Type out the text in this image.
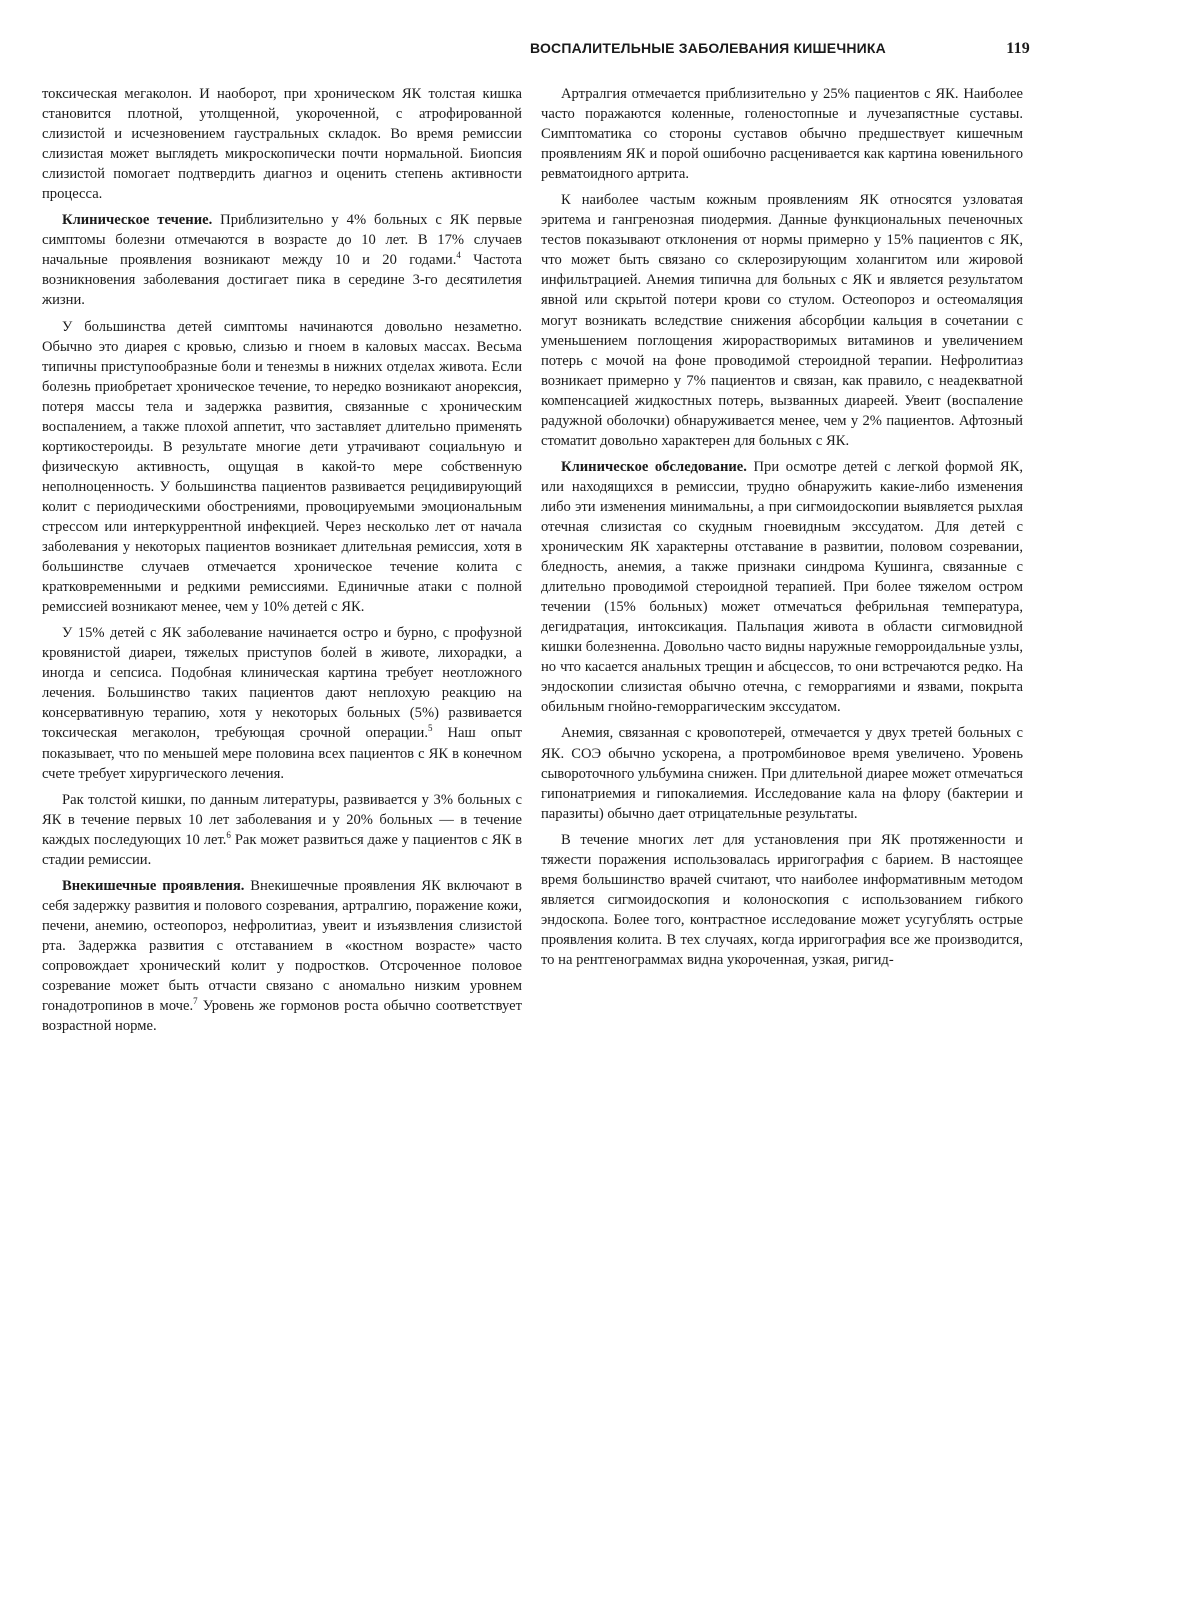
ВОСПАЛИТЕЛЬНЫЕ ЗАБОЛЕВАНИЯ КИШЕЧНИКА	119

токсическая мегаколон. И наоборот, при хроническом ЯК толстая кишка становится плотной, утолщенной, укороченной, с атрофированной слизистой и исчезновением гаустральных складок. Во время ремиссии слизистая может выглядеть микроскопически почти нормальной. Биопсия слизистой помогает подтвердить диагноз и оценить степень активности процесса.

Клиническое течение. Приблизительно у 4% больных с ЯК первые симптомы болезни отмечаются в возрасте до 10 лет. В 17% случаев начальные проявления возникают между 10 и 20 годами.$^4$ Частота возникновения заболевания достигает пика в середине 3-го десятилетия жизни.

У большинства детей симптомы начинаются довольно незаметно. Обычно это диарея с кровью, слизью и гноем в каловых массах. Весьма типичны приступообразные боли и тенезмы в нижних отделах живота. Если болезнь приобретает хроническое течение, то нередко возникают анорексия, потеря массы тела и задержка развития, связанные с хроническим воспалением, а также плохой аппетит, что заставляет длительно применять кортикостероиды. В результате многие дети утрачивают социальную и физическую активность, ощущая в какой-то мере собственную неполноценность. У большинства пациентов развивается рецидивирующий колит с периодическими обострениями, провоцируемыми эмоциональным стрессом или интеркуррентной инфекцией. Через несколько лет от начала заболевания у некоторых пациентов возникает длительная ремиссия, хотя в большинстве случаев отмечается хроническое течение колита с кратковременными и редкими ремиссиями. Единичные атаки с полной ремиссией возникают менее, чем у 10% детей с ЯК.

У 15% детей с ЯК заболевание начинается остро и бурно, с профузной кровянистой диареи, тяжелых приступов болей в животе, лихорадки, а иногда и сепсиса. Подобная клиническая картина требует неотложного лечения. Большинство таких пациентов дают неплохую реакцию на консервативную терапию, хотя у некоторых больных (5%) развивается токсическая мегаколон, требующая срочной операции.$^5$ Наш опыт показывает, что по меньшей мере половина всех пациентов с ЯК в конечном счете требует хирургического лечения.

Рак толстой кишки, по данным литературы, развивается у 3% больных с ЯК в течение первых 10 лет заболевания и у 20% больных — в течение каждых последующих 10 лет.$^6$ Рак может развиться даже у пациентов с ЯК в стадии ремиссии.

Внекишечные проявления. Внекишечные проявления ЯК включают в себя задержку развития и полового созревания, артралгию, поражение кожи, печени, анемию, остеопороз, нефролитиаз, увеит и изъязвления слизистой рта. Задержка развития с отставанием в «костном возрасте» часто сопровождает хронический колит у подростков. Отсроченное половое созревание может быть отчасти связано с аномально низким уровнем гонадотропинов в моче.$^7$ Уровень же гормонов роста обычно соответствует возрастной норме.

Артралгия отмечается приблизительно у 25% пациентов с ЯК. Наиболее часто поражаются коленные, голеностопные и лучезапястные суставы. Симптоматика со стороны суставов обычно предшествует кишечным проявлениям ЯК и порой ошибочно расценивается как картина ювенильного ревматоидного артрита.

К наиболее частым кожным проявлениям ЯК относятся узловатая эритема и гангренозная пиодермия. Данные функциональных печеночных тестов показывают отклонения от нормы примерно у 15% пациентов с ЯК, что может быть связано со склерозирующим холангитом или жировой инфильтрацией. Анемия типична для больных с ЯК и является результатом явной или скрытой потери крови со стулом. Остеопороз и остеомаляция могут возникать вследствие снижения абсорбции кальция в сочетании с уменьшением поглощения жирорастворимых витаминов и увеличением потерь с мочой на фоне проводимой стероидной терапии. Нефролитиаз возникает примерно у 7% пациентов и связан, как правило, с неадекватной компенсацией жидкостных потерь, вызванных диареей. Увеит (воспаление радужной оболочки) обнаруживается менее, чем у 2% пациентов. Афтозный стоматит довольно характерен для больных с ЯК.

Клиническое обследование. При осмотре детей с легкой формой ЯК, или находящихся в ремиссии, трудно обнаружить какие-либо изменения либо эти изменения минимальны, а при сигмоидоскопии выявляется рыхлая отечная слизистая со скудным гноевидным экссудатом. Для детей с хроническим ЯК характерны отставание в развитии, половом созревании, бледность, анемия, а также признаки синдрома Кушинга, связанные с длительно проводимой стероидной терапией. При более тяжелом остром течении (15% больных) может отмечаться фебрильная температура, дегидратация, интоксикация. Пальпация живота в области сигмовидной кишки болезненна. Довольно часто видны наружные геморроидальные узлы, но что касается анальных трещин и абсцессов, то они встречаются редко. На эндоскопии слизистая обычно отечна, с геморрагиями и язвами, покрыта обильным гнойно-геморрагическим экссудатом.

Анемия, связанная с кровопотерей, отмечается у двух третей больных с ЯК. СОЭ обычно ускорена, а протромбиновое время увеличено. Уровень сывороточного ульбумина снижен. При длительной диарее может отмечаться гипонатриемия и гипокалиемия. Исследование кала на флору (бактерии и паразиты) обычно дает отрицательные результаты.

В течение многих лет для установления при ЯК протяженности и тяжести поражения использовалась ирригография с барием. В настоящее время большинство врачей считают, что наиболее информативным методом является сигмоидоскопия и колоноскопия с использованием гибкого эндоскопа. Более того, контрастное исследование может усугублять острые проявления колита. В тех случаях, когда ирригография все же производится, то на рентгенограммах видна укороченная, узкая, ригид-
